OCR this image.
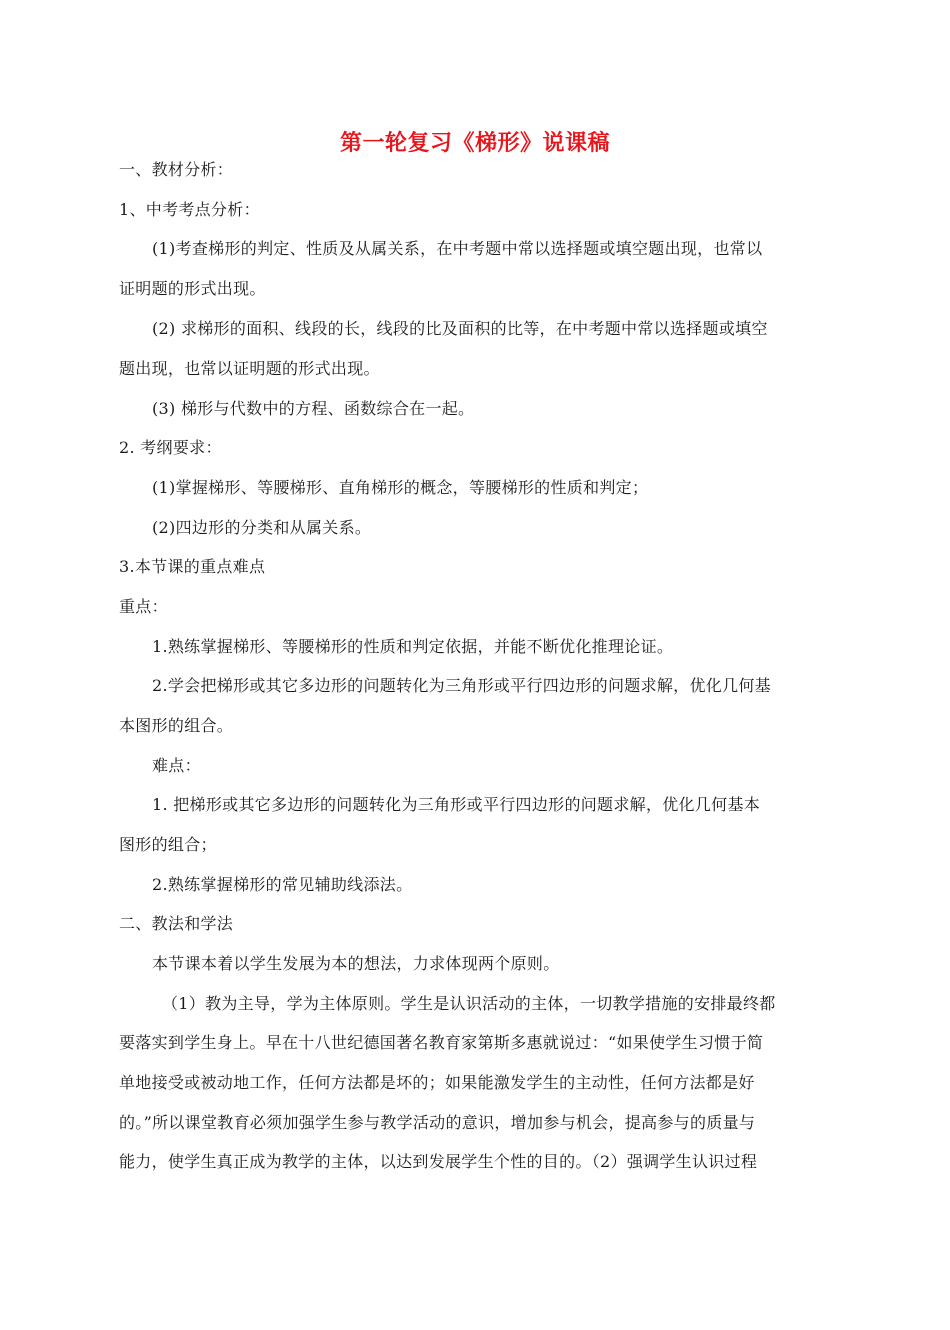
第一轮复习《梯形》说课稿
一、教材分析：
1、中考考点分析：
(1)考查梯形的判定、性质及从属关系，在中考题中常以选择题或填空题出现，也常以
证明题的形式出现。
(2) 求梯形的面积、线段的长，线段的比及面积的比等，在中考题中常以选择题或填空
题出现，也常以证明题的形式出现。
(3) 梯形与代数中的方程、函数综合在一起。
2. 考纲要求：
(1)掌握梯形、等腰梯形、直角梯形的概念，等腰梯形的性质和判定；
(2)四边形的分类和从属关系。
3.本节课的重点难点
重点：
1.熟练掌握梯形、等腰梯形的性质和判定依据，并能不断优化推理论证。
2.学会把梯形或其它多边形的问题转化为三角形或平行四边形的问题求解，优化几何基
本图形的组合。
难点：
1. 把梯形或其它多边形的问题转化为三角形或平行四边形的问题求解，优化几何基本
图形的组合；
2.熟练掌握梯形的常见辅助线添法。
二、教法和学法
本节课本着以学生发展为本的想法，力求体现两个原则。
（1）教为主导，学为主体原则。学生是认识活动的主体，一切教学措施的安排最终都
要落实到学生身上。早在十八世纪德国著名教育家第斯多惠就说过：“如果使学生习惯于简
单地接受或被动地工作，任何方法都是坏的；如果能激发学生的主动性，任何方法都是好
的。”所以课堂教育必须加强学生参与教学活动的意识，增加参与机会，提高参与的质量与
能力，使学生真正成为教学的主体，以达到发展学生个性的目的。（2）强调学生认识过程
